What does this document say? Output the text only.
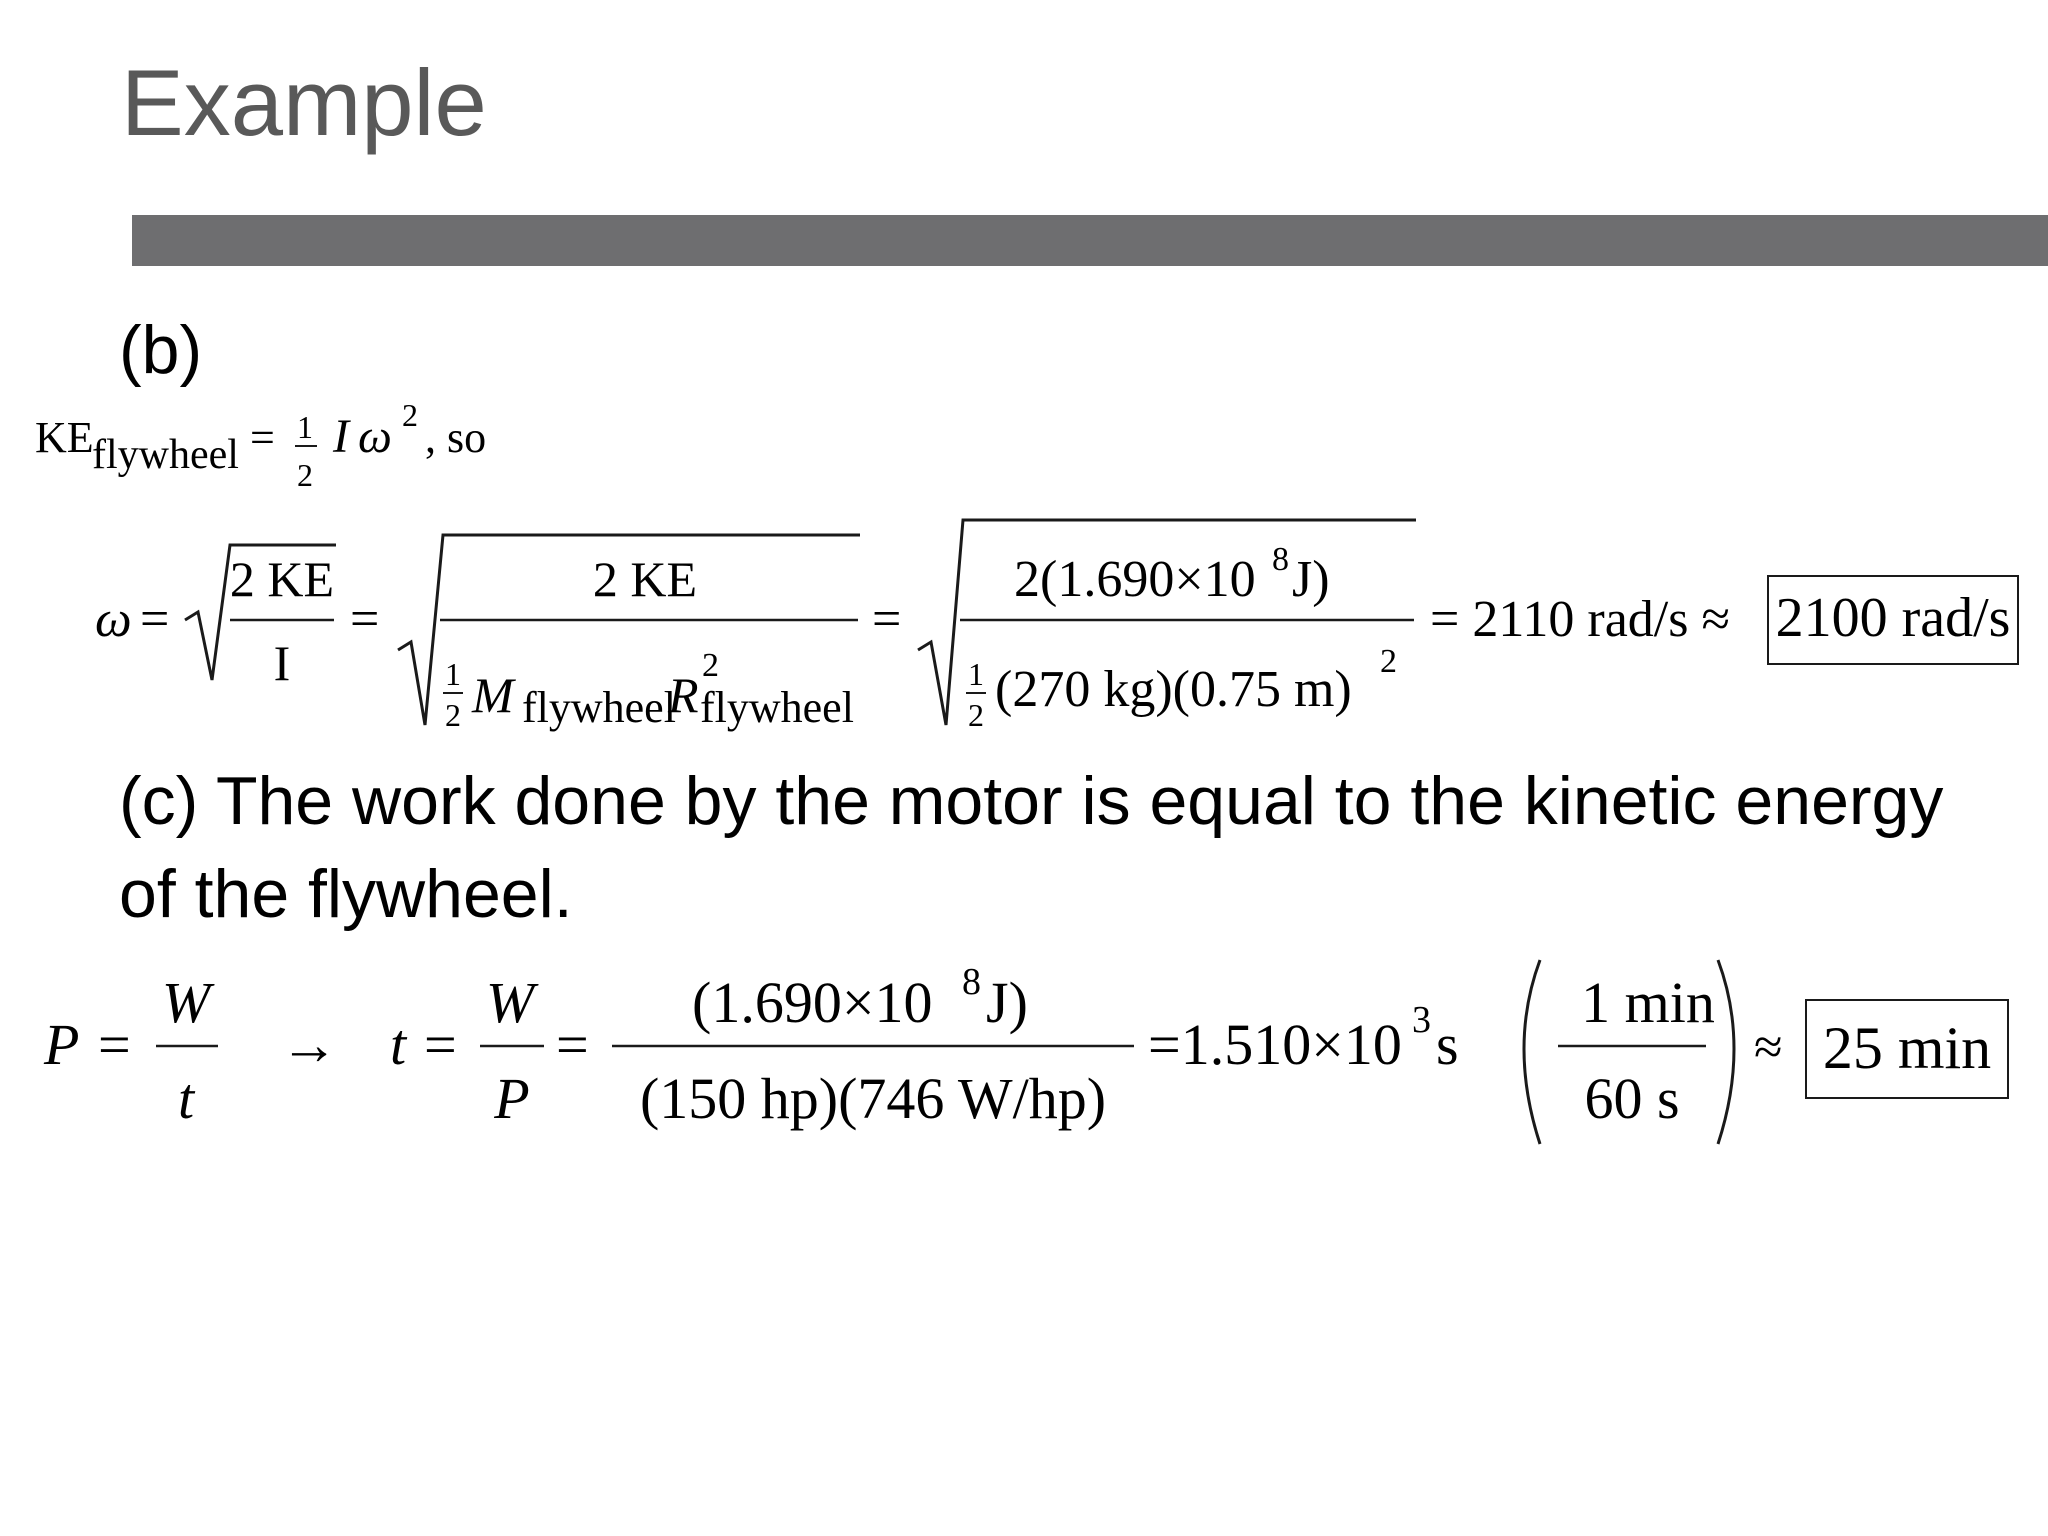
Example
(b)
KE
flywheel = 1
2
I ω 2 , so
ω =
2 KE
I
=
2 KE
1
2 M flywheel
R
2
flywheel
=
2(1.690×10 8 J)
1
2 (270 kg)(0.75 m) 2
= 2110 rad/s ≈ 2100 rad/s
(c) The work done by the motor is equal to the kinetic energy of the flywheel.
P =
W
t
→ t =
W
P
=
(1.690×10 8 J)
(150 hp)(746 W/hp)
=1.510×10 3 s
1 min
60 s
≈ 25 min
